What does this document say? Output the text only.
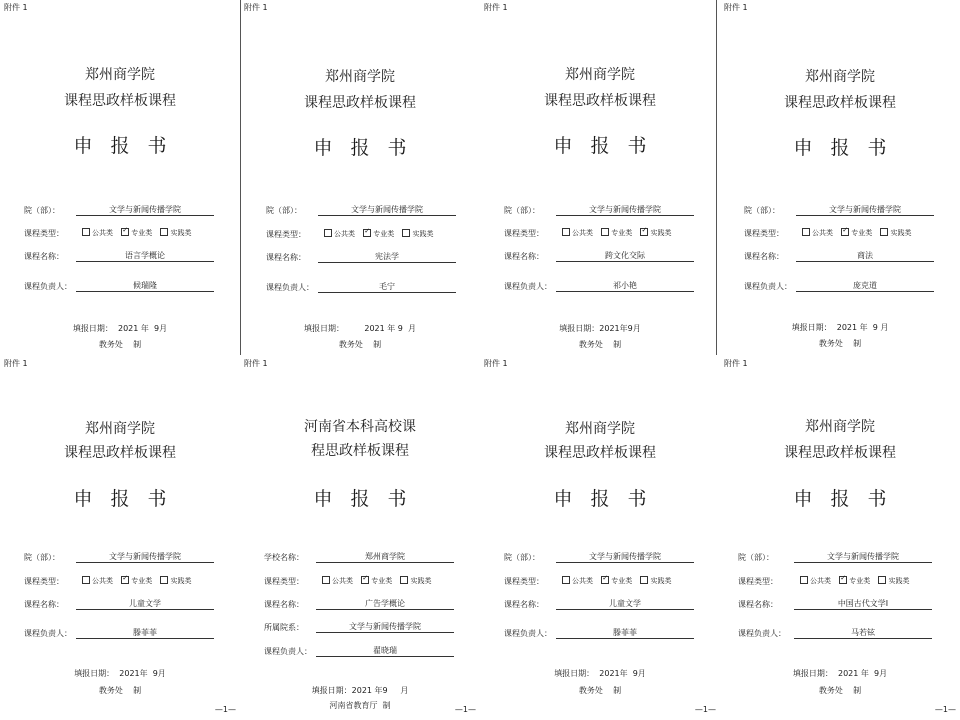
附件 1
郑州商学院
课程思政样板课程
申报书
院（部）：	文学与新闻传播学院
课程类型：	公共类 ✓	专业类	实践类
课程名称：	语言学概论
课程负责人：	候瑞隆
填报日期：  2021 年  9月
教务处    制
附件 1
郑州商学院
课程思政样板课程
申报书
院（部）：	文学与新闻传播学院
课程类型：	公共类 ✓	专业类	实践类
课程名称：	宪法学
课程负责人：	毛宁
填报日期：        2021 年 9  月
教务处    制
附件 1
郑州商学院
课程思政样板课程
申报书
院（部）：	文学与新闻传播学院
课程类型：	公共类	专业类 ✓	实践类
课程名称：	跨文化交际
课程负责人：	祁小艳
填报日期：2021年9月
教务处    制
附件 1
郑州商学院
课程思政样板课程
申报书
院（部）：	文学与新闻传播学院
课程类型：	公共类 ✓	专业类	实践类
课程名称：	商法
课程负责人：	庞克道
填报日期：  2021 年  9 月
教务处    制
附件 1
郑州商学院
课程思政样板课程
申报书
院（部）：	文学与新闻传播学院
课程类型：	公共类 ✓	专业类	实践类
课程名称：	儿童文学
课程负责人：	滕菲菲
填报日期：  2021年  9月
教务处    制
—1—
附件 1
河南省本科高校课
程思政样板课程
申报书
学校名称：	郑州商学院
课程类型：	公共类 ✓	专业类	实践类
课程名称：	广告学概论
所属院系：	文学与新闻传播学院
课程负责人：	翟晓瑞
填报日期：2021 年9     月
河南省教育厅  制	—1—
附件 1
郑州商学院
课程思政样板课程
申报书
院（部）：	文学与新闻传播学院
课程类型：	公共类 ✓	专业类	实践类
课程名称：	儿童文学
课程负责人：	滕菲菲
填报日期：  2021年  9月
教务处    制
—1—
附件 1
郑州商学院
课程思政样板课程
申报书
院（部）：	文学与新闻传播学院
课程类型：	公共类 ✓	专业类	实践类
课程名称：	中国古代文学I
课程负责人：	马若铉
填报日期：  2021 年  9月
教务处    制
—1—
